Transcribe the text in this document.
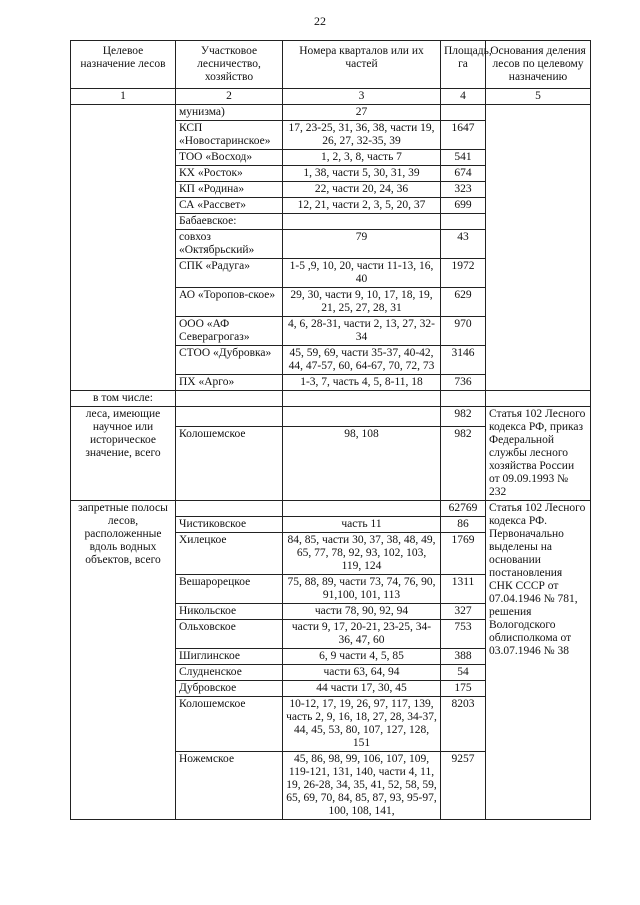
22
Целевое назначение лесов	Участковое лесничество, хозяйство	Номера кварталов или их частей	Площадь, га	Основания деления лесов по целевому назначению
1	2	3	4	5
	мунизма)	27		
	КСП «Новостаринское»	17, 23-25, 31, 36, 38, части 19, 26, 27, 32-35, 39	1647	
	ТОО «Восход»	1, 2, 3, 8, часть 7	541	
	КХ «Росток»	1, 38, части 5, 30, 31, 39	674	
	КП «Родина»	22, части 20, 24, 36	323	
	СА «Рассвет»	12, 21, части 2, 3, 5, 20, 37	699	
	Бабаевское:			
	совхоз «Октябрьский»	79	43	
	СПК «Радуга»	1-5 ,9, 10, 20, части 11-13, 16, 40	1972	
	АО «Торопов-ское»	29, 30, части 9, 10, 17, 18, 19, 21, 25, 27, 28, 31	629	
	ООО «АФ Северагрогаз»	4, 6, 28-31, части 2, 13, 27, 32-34	970	
	СТОО «Дубровка»	45, 59, 69, части 35-37, 40-42, 44, 47-57, 60, 64-67, 70, 72, 73	3146	
	ПХ «Арго»	1-3, 7, часть 4, 5, 8-11, 18	736	
в том числе:				
леса, имеющие научное или историческое значение, всего			982	Статья 102 Лесного кодекса РФ, приказ Федеральной службы лесного хозяйства России от 09.09.1993 № 232
	Колошемское	98, 108	982	
запретные полосы лесов, расположенные вдоль водных объектов, всего			62769	Статья 102 Лесного кодекса РФ. Первоначально выделены на основании постановления СНК СССР от 07.04.1946 № 781, решения Вологодского облисполкома от 03.07.1946 № 38
	Чистиковское	часть 11	86	
	Хилецкое	84, 85, части 30, 37, 38, 48, 49, 65, 77, 78, 92, 93, 102, 103, 119, 124	1769	
	Вешарорецкое	75, 88, 89, части 73, 74, 76, 90, 91,100, 101, 113	1311	
	Никольское	части 78, 90, 92, 94	327	
	Ольховское	части 9, 17, 20-21, 23-25, 34-36, 47, 60	753	
	Шиглинское	6, 9 части 4, 5, 85	388	
	Слудненское	части 63, 64, 94	54	
	Дубровское	44 части 17, 30, 45	175	
	Колошемское	10-12, 17, 19, 26, 97, 117, 139, часть 2, 9, 16, 18, 27, 28, 34-37, 44, 45, 53, 80, 107, 127, 128, 151	8203	
	Ножемское	45, 86, 98, 99, 106, 107, 109, 119-121, 131, 140, части 4, 11, 19, 26-28, 34, 35, 41, 52, 58, 59, 65, 69, 70, 84, 85, 87, 93, 95-97, 100, 108, 141,	9257	
